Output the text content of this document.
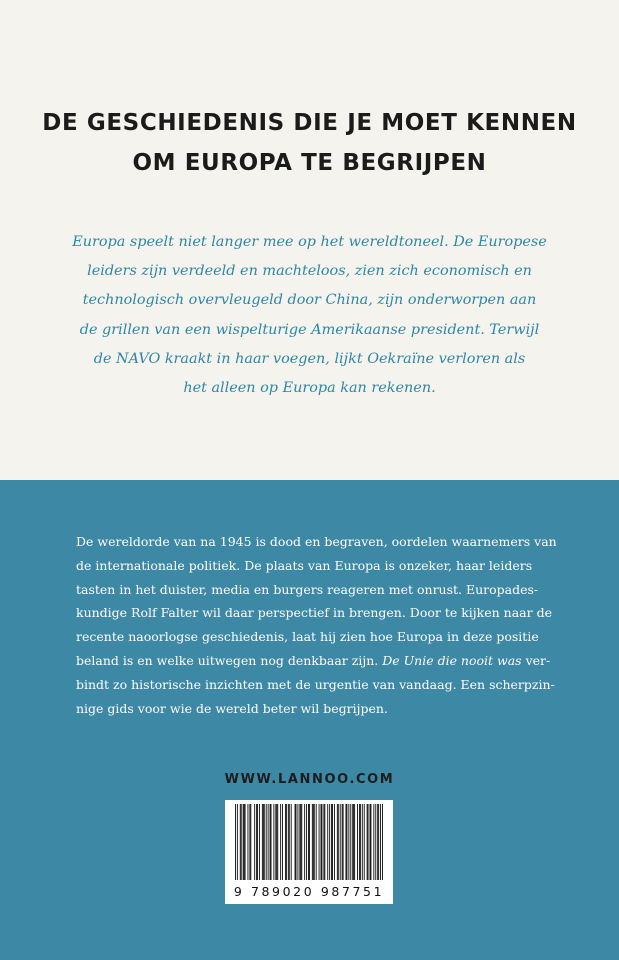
DE GESCHIEDENIS DIE JE MOET KENNEN
OM EUROPA TE BEGRIJPEN
Europa speelt niet langer mee op het wereldtoneel. De Europese
leiders zijn verdeeld en machteloos, zien zich economisch en
technologisch overvleugeld door China, zijn onderworpen aan
de grillen van een wispelturige Amerikaanse president. Terwijl
de NAVO kraakt in haar voegen, lijkt Oekraïne verloren als
het alleen op Europa kan rekenen.
De wereldorde van na 1945 is dood en begraven, oordelen waarnemers van
de internationale politiek. De plaats van Europa is onzeker, haar leiders
tasten in het duister, media en burgers reageren met onrust. Europades-
kundige Rolf Falter wil daar perspectief in brengen. Door te kijken naar de
recente naoorlogse geschiedenis, laat hij zien hoe Europa in deze positie
beland is en welke uitwegen nog denkbaar zijn. De Unie die nooit was ver-
bindt zo historische inzichten met de urgentie van vandaag. Een scherpzin-
nige gids voor wie de wereld beter wil begrijpen.
WWW.LANNOO.COM
9 789020 987751
